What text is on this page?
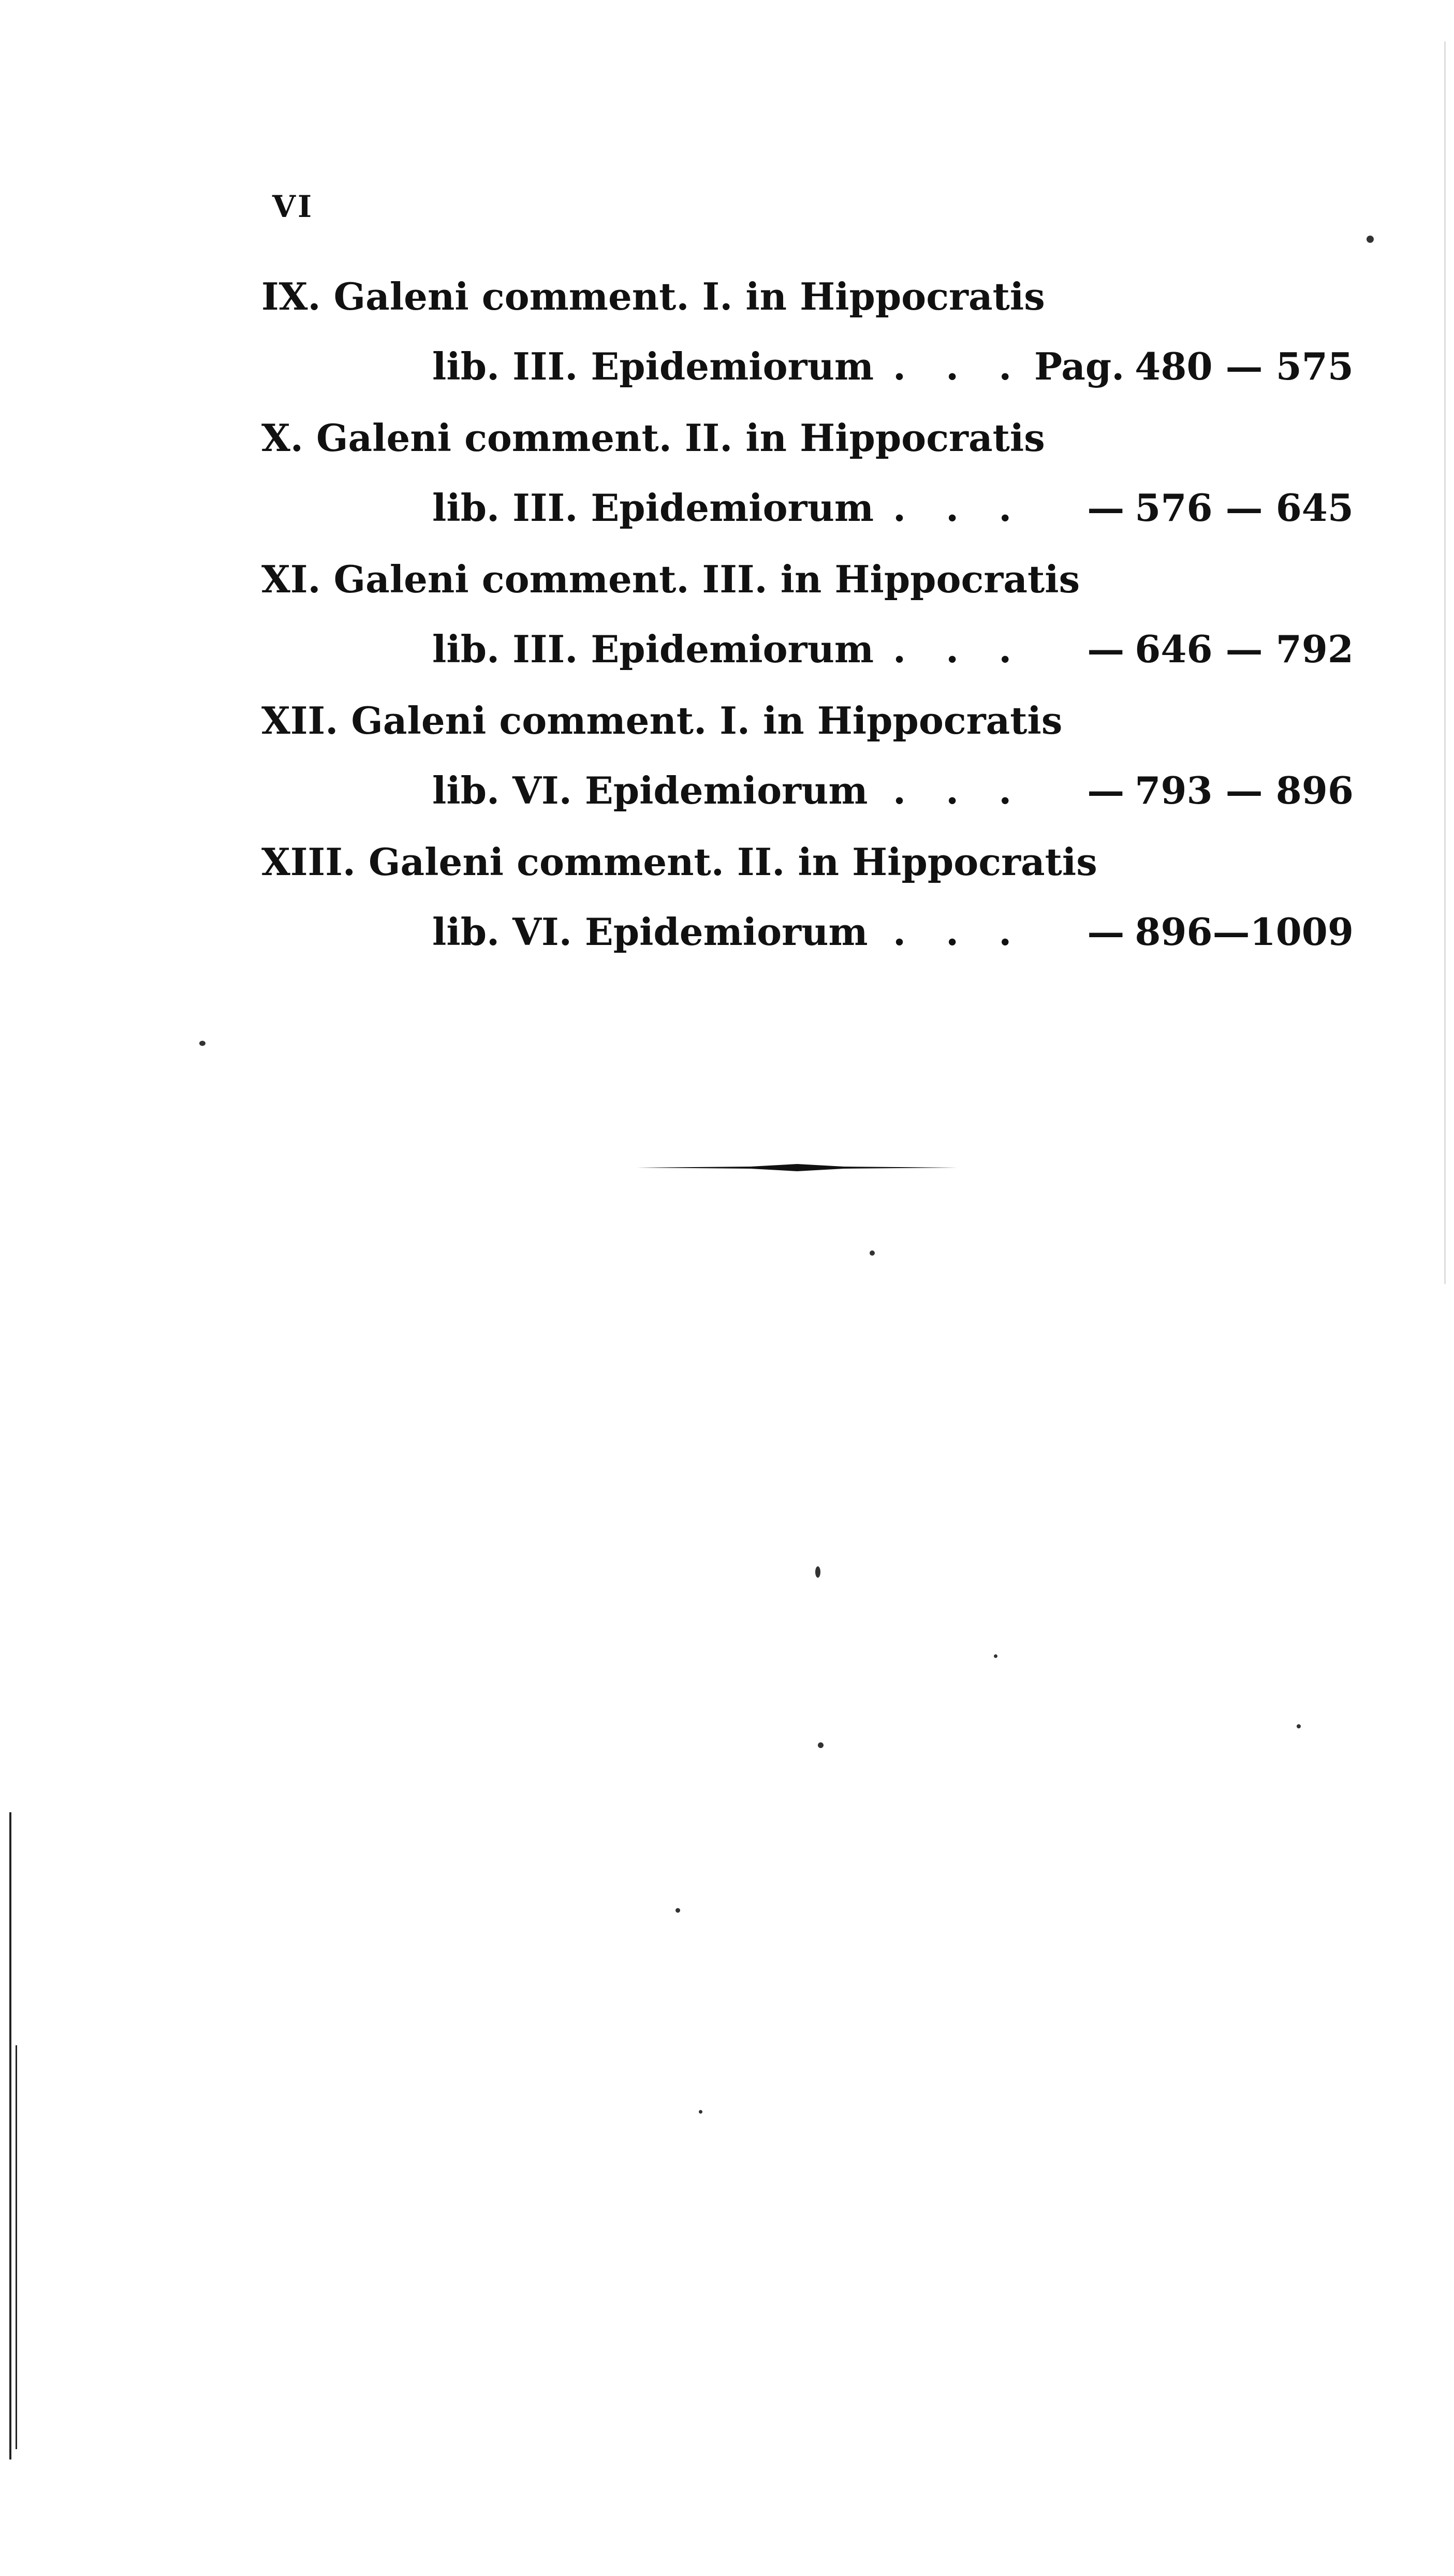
VI
IX. Galeni comment. I. in Hippocratis
lib. III. Epidemiorum . . . Pag. 480 — 575
X. Galeni comment. II. in Hippocratis
lib. III. Epidemiorum . . . — 576 — 645
XI. Galeni comment. III. in Hippocratis
lib. III. Epidemiorum . . . — 646 — 792
XII. Galeni comment. I. in Hippocratis
lib. VI. Epidemiorum . . . — 793 — 896
XIII. Galeni comment. II. in Hippocratis
lib. VI. Epidemiorum . . . — 896—1009
